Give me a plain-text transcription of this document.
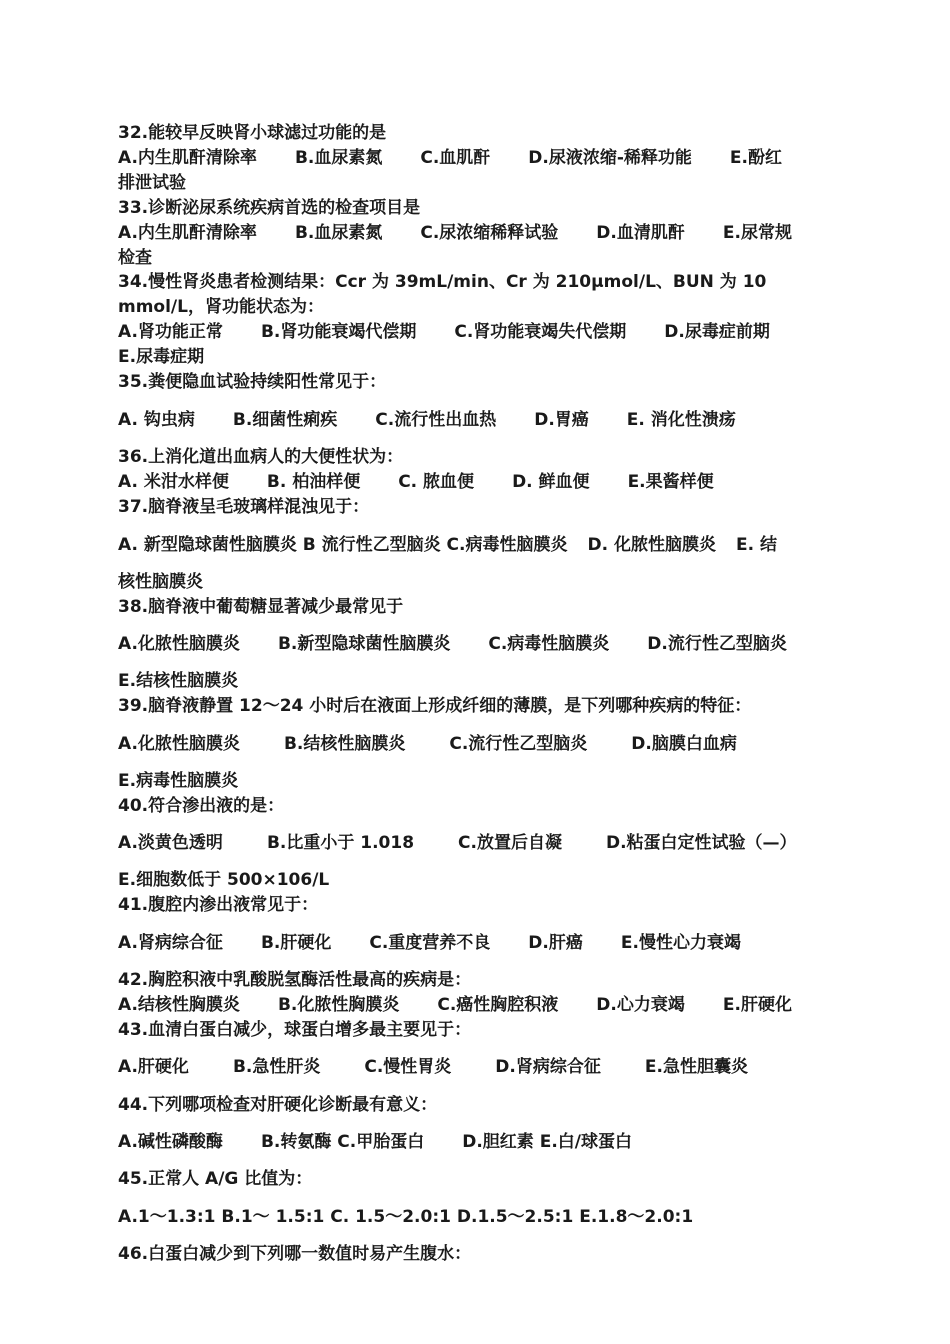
32.能较早反映肾小球滤过功能的是
A.内生肌酐清除率 B.血尿素氮 C.血肌酐 D.尿液浓缩-稀释功能 E.酚红
排泄试验
33.诊断泌尿系统疾病首选的检查项目是
A.内生肌酐清除率 B.血尿素氮 C.尿浓缩稀释试验 D.血清肌酐 E.尿常规
检查
34.慢性肾炎患者检测结果：Ccr 为 39mL/min、Cr 为 210μmol/L、BUN 为 10
mmol/L，肾功能状态为：
A.肾功能正常 B.肾功能衰竭代偿期 C.肾功能衰竭失代偿期 D.尿毒症前期
E.尿毒症期
35.粪便隐血试验持续阳性常见于：
A. 钩虫病 B.细菌性痢疾 C.流行性出血热 D.胃癌 E. 消化性溃疡
36.上消化道出血病人的大便性状为：
A. 米泔水样便 B. 柏油样便 C. 脓血便 D. 鲜血便 E.果酱样便
37.脑脊液呈毛玻璃样混浊见于：
A. 新型隐球菌性脑膜炎 B 流行性乙型脑炎 C.病毒性脑膜炎 D. 化脓性脑膜炎 E. 结
核性脑膜炎
38.脑脊液中葡萄糖显著减少最常见于
A.化脓性脑膜炎 B.新型隐球菌性脑膜炎 C.病毒性脑膜炎 D.流行性乙型脑炎
E.结核性脑膜炎
39.脑脊液静置 12～24 小时后在液面上形成纤细的薄膜，是下列哪种疾病的特征：
A.化脓性脑膜炎	B.结核性脑膜炎	C.流行性乙型脑炎	D.脑膜白血病
E.病毒性脑膜炎
40.符合渗出液的是：
A.淡黄色透明	B.比重小于 1.018	C.放置后自凝	D.粘蛋白定性试验（—）
E.细胞数低于 500×106/L
41.腹腔内渗出液常见于：
A.肾病综合征 B.肝硬化 C.重度营养不良 D.肝癌 E.慢性心力衰竭
42.胸腔积液中乳酸脱氢酶活性最高的疾病是：
A.结核性胸膜炎 B.化脓性胸膜炎 C.癌性胸腔积液 D.心力衰竭 E.肝硬化
43.血清白蛋白减少，球蛋白增多最主要见于：
A.肝硬化	B.急性肝炎	C.慢性胃炎	D.肾病综合征	E.急性胆囊炎
44.下列哪项检查对肝硬化诊断最有意义：
A.碱性磷酸酶 B.转氨酶 C.甲胎蛋白 D.胆红素 E.白/球蛋白
45.正常人 A/G 比值为：
A.1～1.3:1 B.1～ 1.5:1 C. 1.5～2.0:1 D.1.5～2.5:1 E.1.8～2.0:1
46.白蛋白减少到下列哪一数值时易产生腹水：
